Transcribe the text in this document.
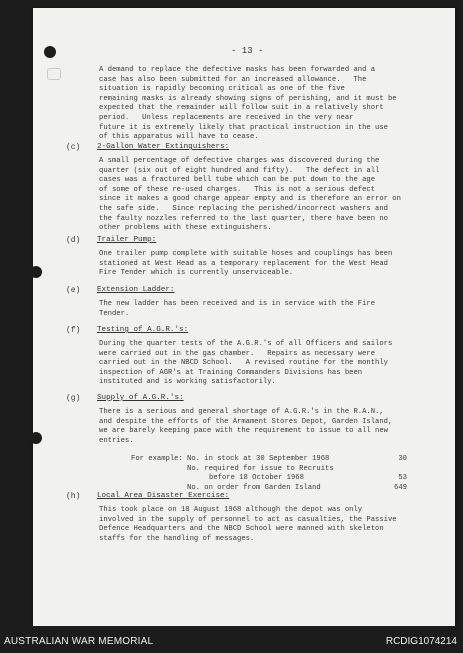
- 13 -
A demand to replace the defective masks has been forwarded and a
case has also been submitted for an increased allowance.   The
situation is rapidly becoming critical as one of the five
remaining masks is already showing signs of perishing, and it must be
expected that the remainder will follow suit in a relatively short
period.   Unless replacements are received in the very near
future it is extremely likely that practical instruction in the use
of this apparatus will have to cease.
(c) 2-Gallon Water Extinguishers:
A small percentage of defective charges was discovered during the
quarter (six out of eight hundred and fifty).   The defect in all
cases was a fractured bell tube which can be put down to the age
of some of these re-used charges.   This is not a serious defect
since it makes a good charge appear empty and is therefore an error on
the safe side.   Since replacing the perished/incorrect washers and
the faulty nozzles referred to the last quarter, there have been no
other problems with these extinguishers.
(d) Trailer Pump:
One trailer pump complete with suitable hoses and couplings has been
stationed at West Head as a temporary replacement for the West Head
Fire Tender which is currently unserviceable.
(e) Extension Ladder:
The new ladder has been received and is in service with the Fire
Tender.
(f) Testing of A.G.R.'s:
During the quarter tests of the A.G.R.'s of all Officers and sailors
were carried out in the gas chamber.   Repairs as necessary were
carried out in the NBCD School.   A revised routine for the monthly
inspection of AGR's at Training Commanders Divisions has been
instituted and is working satisfactorily.
(g) Supply of A.G.R.'s:
There is a serious and general shortage of A.G.R.'s in the R.A.N.,
and despite the efforts of the Armament Stores Depot, Garden Island,
we are barely keeping pace with the requirement to issue to all new
entries.
For example: No. in stock at 30 September 1968	30
No. required for issue to Recruits
before 18 October 1968	53
No. on order from Garden Island	649
(h) Local Area Disaster Exercise:
This took place on 18 August 1968 although the depot was only
involved in the supply of personnel to act as casualties, the Passive
Defence Headquarters and the NBCD School were manned with skeleton
staffs for the handling of messages.
AUSTRALIAN WAR MEMORIAL	RCDIG1074214
